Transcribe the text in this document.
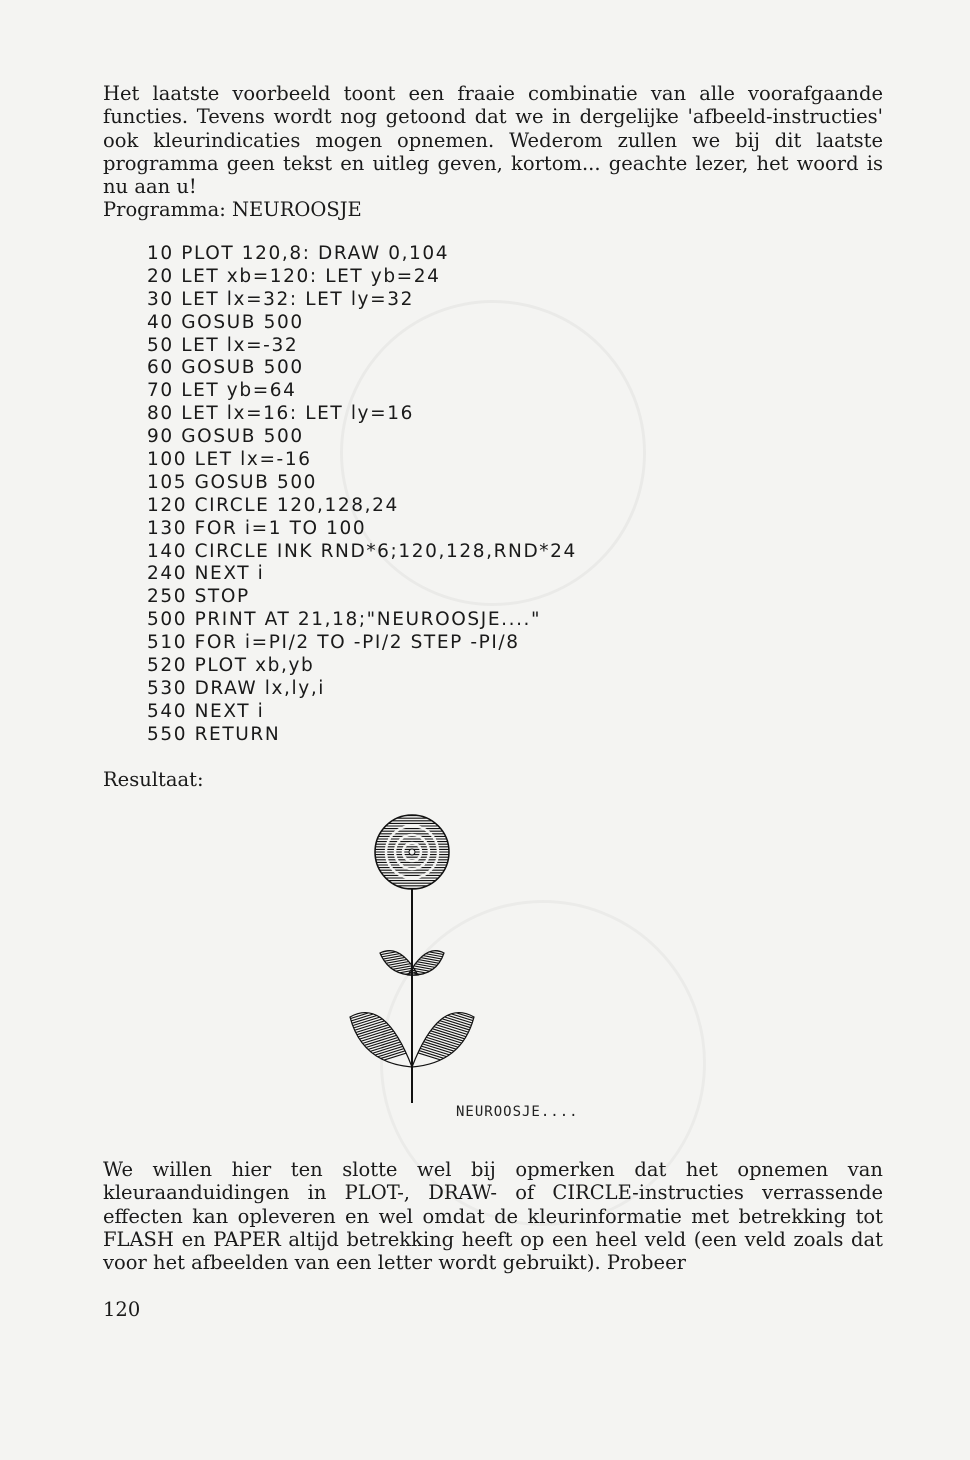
Het laatste voorbeeld toont een fraaie combinatie van alle voorafgaande functies. Tevens wordt nog getoond dat we in dergelijke 'afbeeld-instructies' ook kleurindicaties mogen opnemen. Wederom zullen we bij dit laatste programma geen tekst en uitleg geven, kortom... geachte lezer, het woord is nu aan u!

Programma: NEUROOSJE

10 PLOT 120,8: DRAW 0,104
20 LET xb=120: LET yb=24
30 LET lx=32: LET ly=32
40 GOSUB 500
50 LET lx=-32
60 GOSUB 500
70 LET yb=64
80 LET lx=16: LET ly=16
90 GOSUB 500
100 LET lx=-16
105 GOSUB 500
120 CIRCLE 120,128,24
130 FOR i=1 TO 100
140 CIRCLE INK RND*6;120,128,RND*24
240 NEXT i
250 STOP
500 PRINT AT 21,18;"NEUROOSJE...."
510 FOR i=PI/2 TO -PI/2 STEP -PI/8
520 PLOT xb,yb
530 DRAW lx,ly,i
540 NEXT i
550 RETURN
Resultaat:
NEUROOSJE....

We willen hier ten slotte wel bij opmerken dat het opnemen van kleuraanduidingen in PLOT-, DRAW- of CIRCLE-instructies verrassende effecten kan opleveren en wel omdat de kleurinformatie met betrekking tot FLASH en PAPER altijd betrekking heeft op een heel veld (een veld zoals dat voor het afbeelden van een letter wordt gebruikt). Probeer

120
